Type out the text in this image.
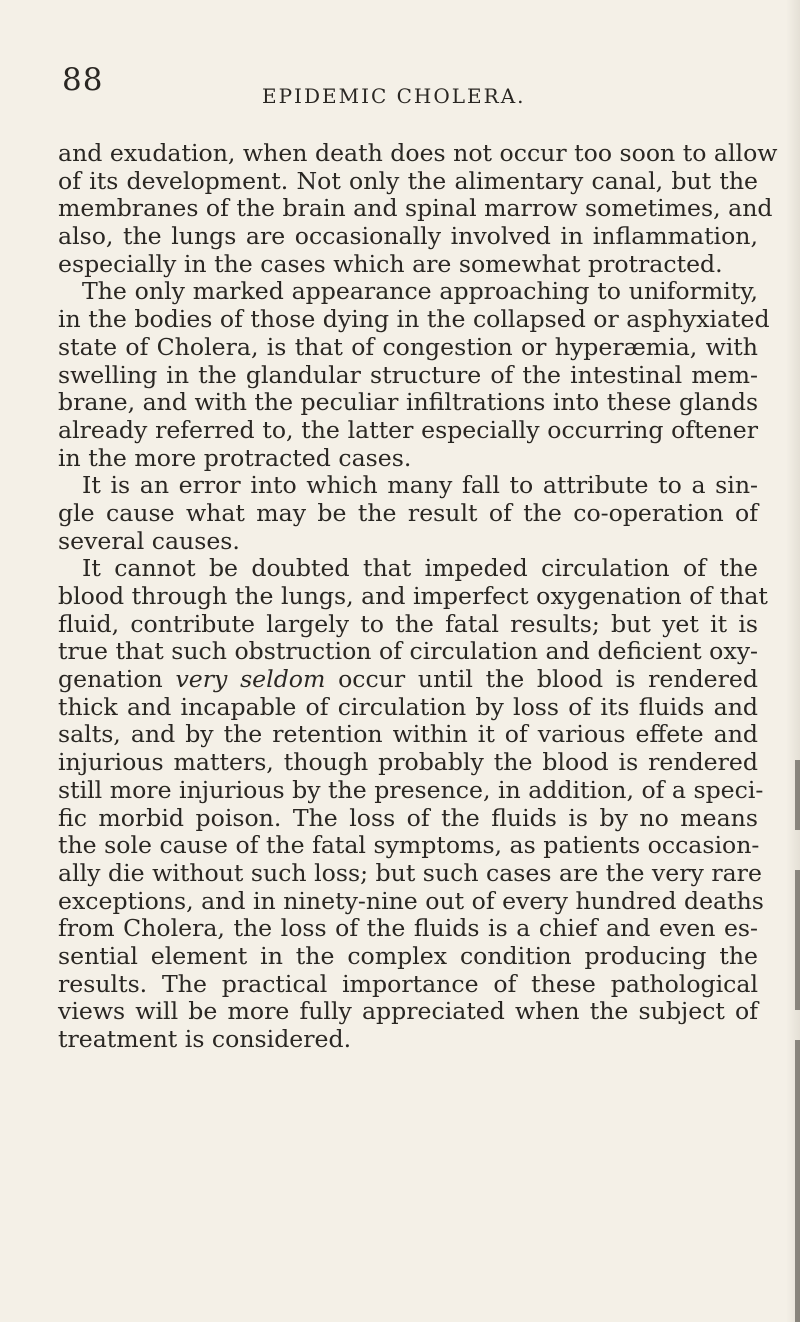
88	EPIDEMIC CHOLERA.

and exudation, when death does not occur too soon to allow
of its development. Not only the alimentary canal, but the
membranes of the brain and spinal marrow sometimes, and
also, the lungs are occasionally involved in inflammation,
especially in the cases which are somewhat protracted.
The only marked appearance approaching to uniformity,
in the bodies of those dying in the collapsed or asphyxiated
state of Cholera, is that of congestion or hyperæmia, with
swelling in the glandular structure of the intestinal mem-
brane, and with the peculiar infiltrations into these glands
already referred to, the latter especially occurring oftener
in the more protracted cases.
It is an error into which many fall to attribute to a sin-
gle cause what may be the result of the co-operation of
several causes.
It cannot be doubted that impeded circulation of the
blood through the lungs, and imperfect oxygenation of that
fluid, contribute largely to the fatal results; but yet it is
true that such obstruction of circulation and deficient oxy-
genation very seldom occur until the blood is rendered
thick and incapable of circulation by loss of its fluids and
salts, and by the retention within it of various effete and
injurious matters, though probably the blood is rendered
still more injurious by the presence, in addition, of a speci-
fic morbid poison. The loss of the fluids is by no means
the sole cause of the fatal symptoms, as patients occasion-
ally die without such loss; but such cases are the very rare
exceptions, and in ninety-nine out of every hundred deaths
from Cholera, the loss of the fluids is a chief and even es-
sential element in the complex condition producing the
results. The practical importance of these pathological
views will be more fully appreciated when the subject of
treatment is considered.
